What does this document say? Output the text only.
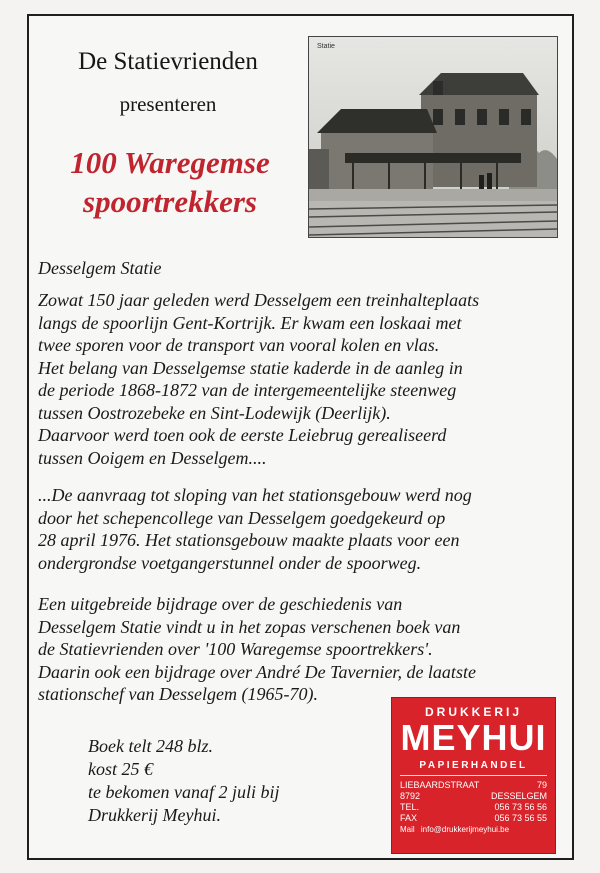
De Statievrienden
presenteren
100 Waregemse
spoortrekkers
Statie
Desselgem Statie
Zowat 150 jaar geleden werd Desselgem een treinhalteplaats
langs de spoorlijn Gent-Kortrijk. Er kwam een loskaai met
twee sporen voor de transport van vooral kolen en vlas.
Het belang van Desselgemse statie kaderde in de aanleg in
de periode 1868-1872 van de intergemeentelijke steenweg
tussen Oostrozebeke en Sint-Lodewijk (Deerlijk).
Daarvoor werd toen ook de eerste Leiebrug gerealiseerd
tussen Ooigem en Desselgem....
...De aanvraag tot sloping van het stationsgebouw werd nog
door het schepencollege van Desselgem goedgekeurd op
28 april 1976. Het stationsgebouw maakte plaats voor een
ondergrondse voetgangerstunnel onder de spoorweg.
Een uitgebreide bijdrage over de geschiedenis van
Desselgem Statie vindt u in het zopas verschenen boek van
de Statievrienden over '100 Waregemse spoortrekkers'.
Daarin ook een bijdrage over André De Tavernier, de laatste
stationschef van Desselgem (1965-70).
Boek telt 248 blz.
kost 25 €
te bekomen vanaf 2 juli bij
Drukkerij Meyhui.
DRUKKERIJ
MEYHUI
PAPIERHANDEL
LIEBAARDSTRAAT	79
8792	DESSELGEM
TEL.	056 73 56 56
FAX	056 73 56 55
Mail info@drukkerijmeyhui.be
